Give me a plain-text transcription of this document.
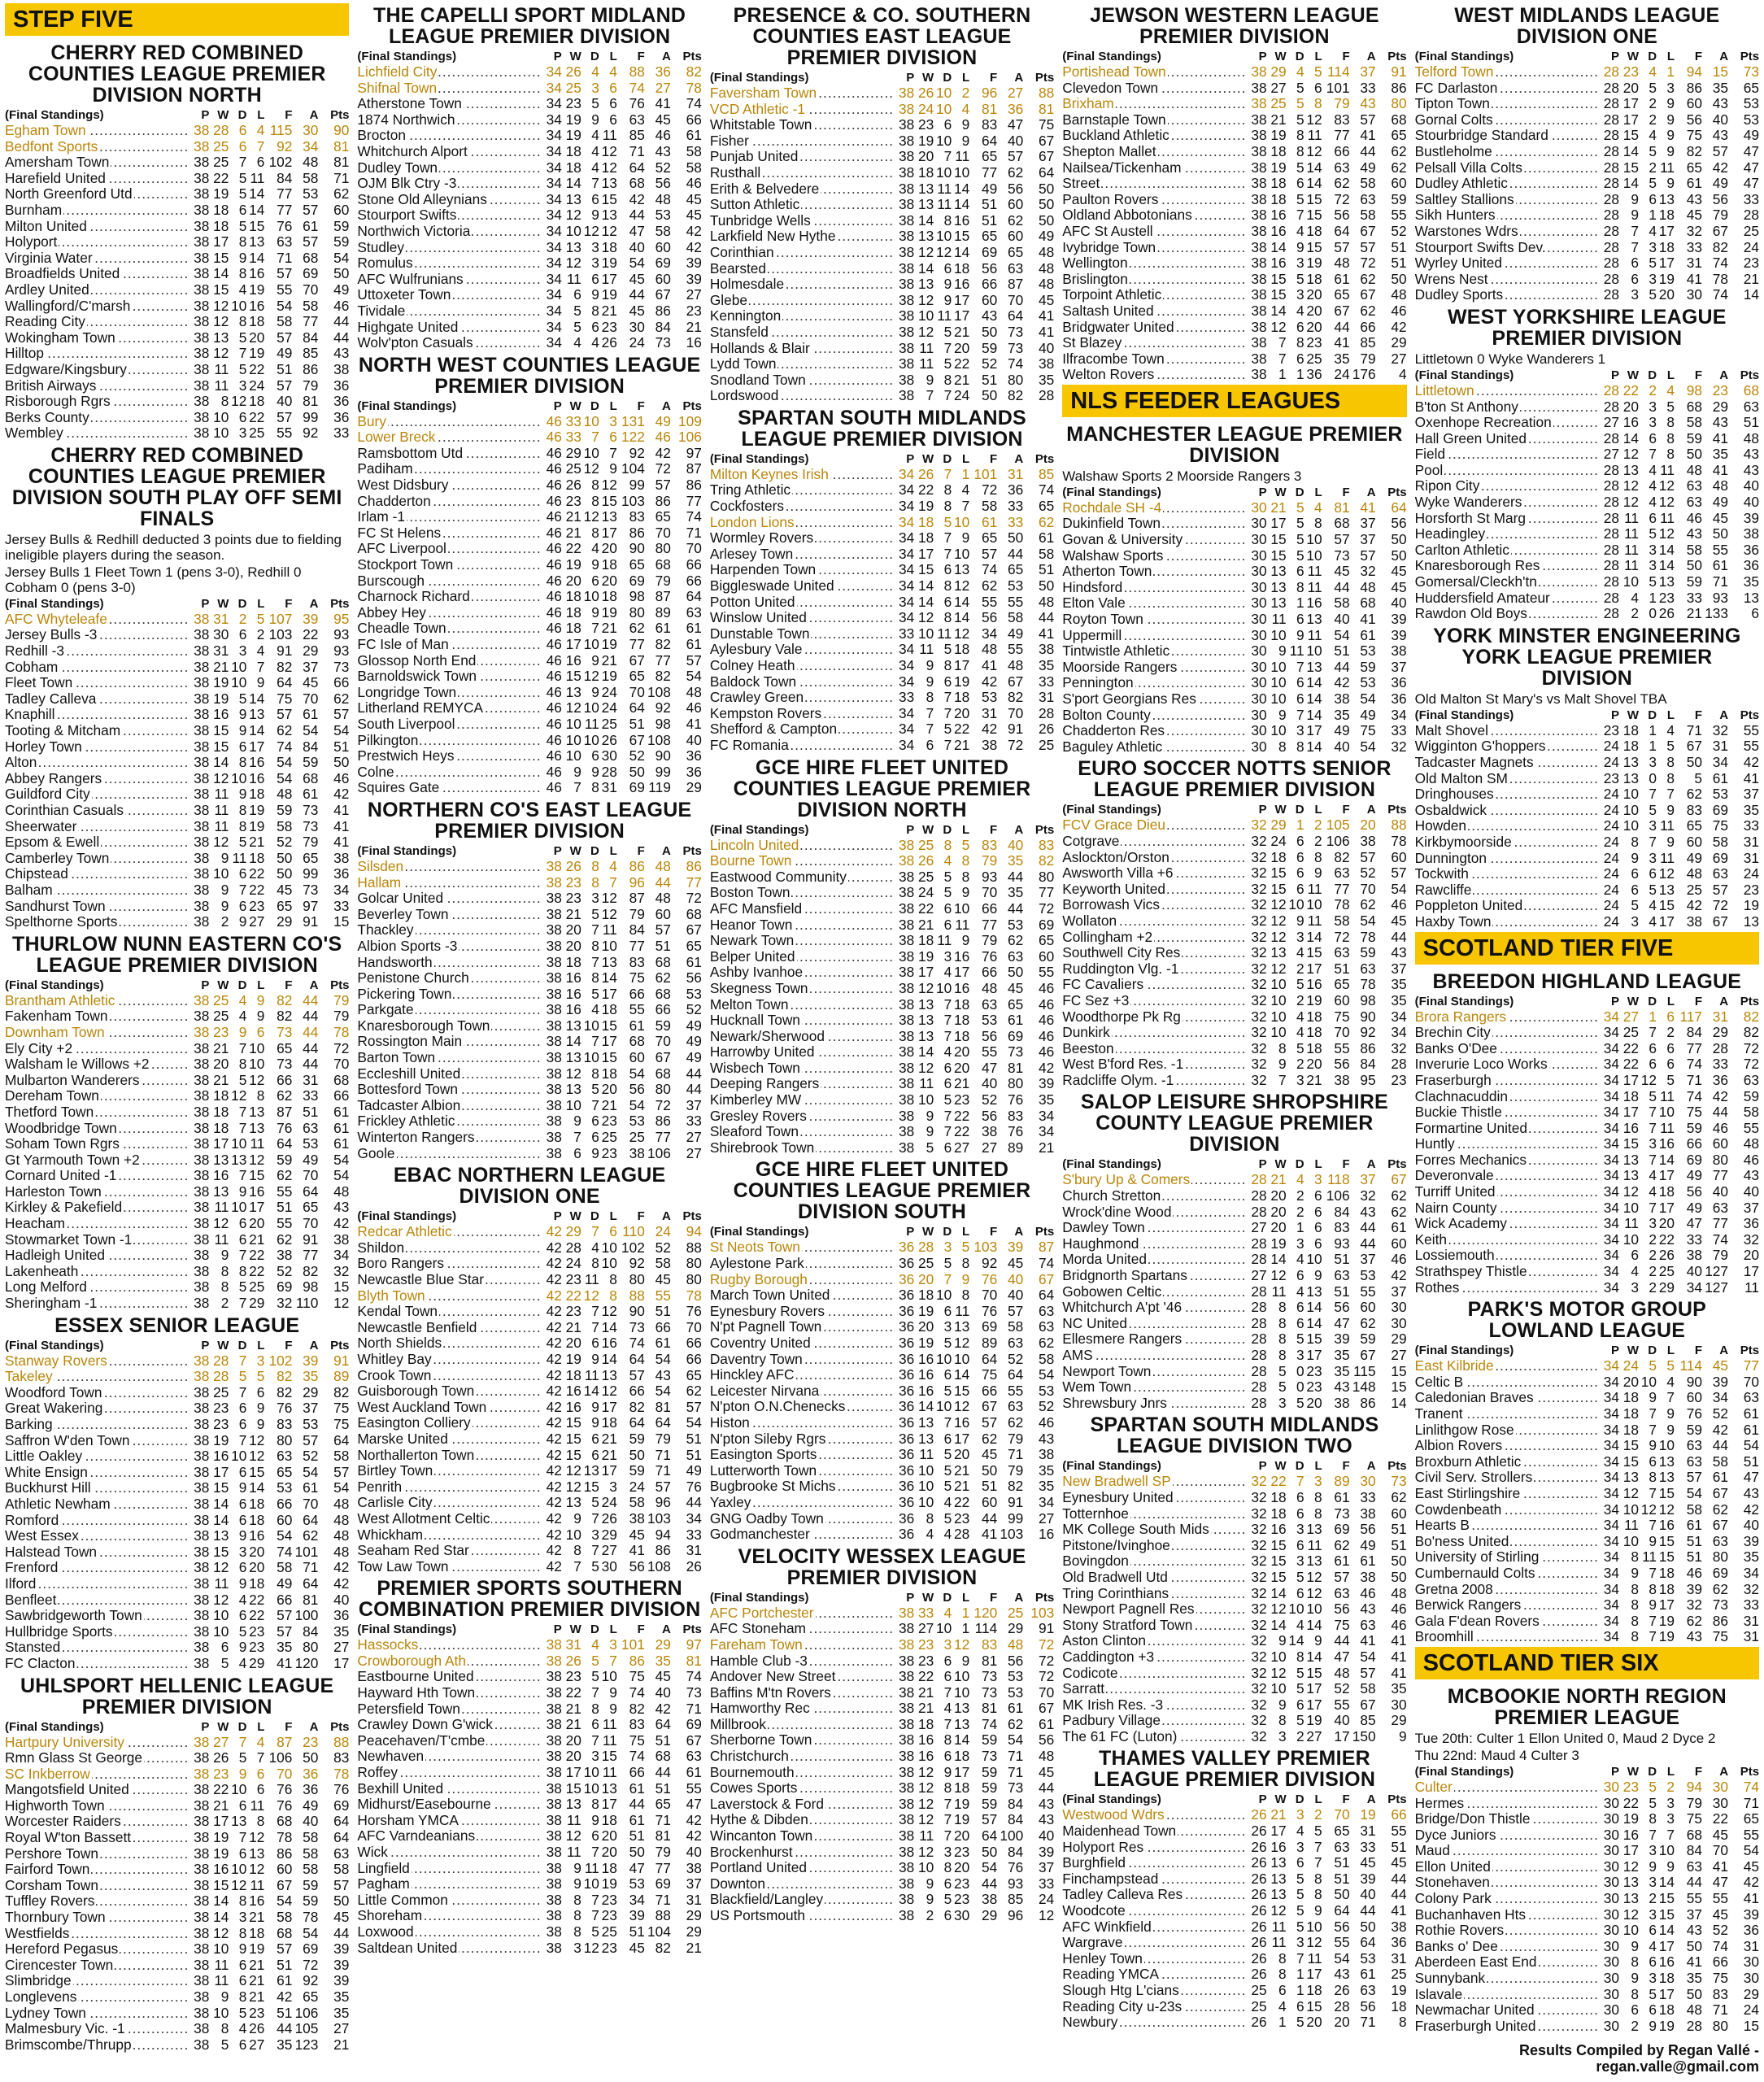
STEP FIVE
CHERRY RED COMBINED COUNTIES LEAGUE PREMIER DIVISION NORTH
(Final Standings)	P W D L	F	A Pts
Egham Town .....	38 28 6 4 115 30	90
Bedfont Sports .....	38 25 6 7 92 34	81
Amersham Town .....	38 25 7 6 102 48	81
Harefield United .....	38 22 5 11 84 58	71
North Greenford Utd .....	38 19 5 14 77 53	62
Burnham .....	38 18 6 14 77 57	60
Milton United .....	38 18 5 15 76 61	59
Holyport .....	38 17 8 13 63 57	59
Virginia Water .....	38 15 9 14 71 68	54
Broadfields United .....	38 14 8 16 57 69	50
Ardley United .....	38 15 4 19 55 70	49
Wallingford/C'marsh .....	38 12 10 16 54 58	46
Reading City .....	38 12 8 18 58 77	44
Wokingham Town .....	38 13 5 20 57 84	44
Hilltop .....	38 12 7 19 49 85	43
Edgware/Kingsbury .....	38 11 5 22 51 86	38
British Airways .....	38 11 3 24 57 79	36
Risborough Rgrs .....	38 8 12 18 40 81	36
Berks County .....	38 10 6 22 57 99	36
Wembley .....	38 10 3 25 55 92	33
CHERRY RED COMBINED COUNTIES LEAGUE PREMIER DIVISION SOUTH PLAY OFF SEMI FINALS
Jersey Bulls & Redhill deducted 3 points due to fielding ineligible players during the season.
Jersey Bulls 1 Fleet Town 1 (pens 3-0), Redhill 0 Cobham 0 (pens 3-0)
(Final Standings)	P W D L	F	A Pts
AFC Whyteleafe .....	38 31 2 5 107 39	95
Jersey Bulls -3 .....	38 30 6 2 103 22	93
Redhill -3 .....	38 31 3 4 91 29	93
Cobham .....	38 21 10 7 82 37	73
Fleet Town .....	38 19 10 9 64 45	66
Tadley Calleva .....	38 19 5 14 75 70	62
Knaphill .....	38 16 9 13 57 61	57
Tooting & Mitcham .....	38 15 9 14 62 54	54
Horley Town .....	38 15 6 17 74 84	51
Alton .....	38 14 8 16 54 59	50
Abbey Rangers .....	38 12 10 16 54 68	46
Guildford City .....	38 11 9 18 48 61	42
Corinthian Casuals .....	38 11 8 19 59 73	41
Sheerwater .....	38 11 8 19 58 73	41
Epsom & Ewell .....	38 12 5 21 52 79	41
Camberley Town .....	38 9 11 18 50 65	38
Chipstead .....	38 10 6 22 50 99	36
Balham .....	38 9 7 22 45 73	34
Sandhurst Town .....	38 9 6 23 65 97	33
Spelthorne Sports .....	38 2 9 27 29 91	15
THURLOW NUNN EASTERN CO'S LEAGUE PREMIER DIVISION
(Final Standings)	P W D L	F	A Pts
Brantham Athletic .....	38 25 4 9 82 44	79
Fakenham Town .....	38 25 4 9 82 44	79
Downham Town .....	38 23 9 6 73 44	78
Ely City +2 .....	38 21 7 10 65 44	72
Walsham le Willows +2 .....	38 20 8 10 73 44	70
Mulbarton Wanderers .....	38 21 5 12 66 31	68
Dereham Town .....	38 18 12 8 62 33	66
Thetford Town .....	38 18 7 13 87 51	61
Woodbridge Town .....	38 18 7 13 76 63	61
Soham Town Rgrs .....	38 17 10 11 64 53	61
Gt Yarmouth Town +2 .....	38 13 13 12 59 49	54
Cornard United -1 .....	38 16 7 15 62 70	54
Harleston Town .....	38 13 9 16 55 64	48
Kirkley & Pakefield .....	38 11 10 17 51 65	43
Heacham .....	38 12 6 20 55 70	42
Stowmarket Town -1 .....	38 11 6 21 62 91	38
Hadleigh United .....	38 9 7 22 38 77	34
Lakenheath .....	38 8 8 22 52 82	32
Long Melford .....	38 8 5 25 69 98	15
Sheringham -1 .....	38 2 7 29 32 110	12
ESSEX SENIOR LEAGUE
(Final Standings)	P W D L	F	A Pts
Stanway Rovers .....	38 28 7 3 102 39	91
Takeley .....	38 28 5 5 82 35	89
Woodford Town .....	38 25 7 6 82 29	82
Great Wakering .....	38 23 6 9 76 37	75
Barking .....	38 23 6 9 83 53	75
Saffron W'den Town .....	38 19 7 12 80 57	64
Little Oakley .....	38 16 10 12 63 52	58
White Ensign .....	38 17 6 15 65 54	57
Buckhurst Hill .....	38 15 9 14 53 61	54
Athletic Newham .....	38 14 6 18 66 70	48
Romford .....	38 14 6 18 60 64	48
West Essex .....	38 13 9 16 54 62	48
Halstead Town .....	38 15 3 20 74 101	48
Frenford .....	38 12 6 20 58 71	42
Ilford .....	38 11 9 18 49 64	42
Benfleet .....	38 12 4 22 66 81	40
Sawbridgeworth Town .....	38 10 6 22 57 100	36
Hullbridge Sports .....	38 10 5 23 57 84	35
Stansted .....	38 6 9 23 35 80	27
FC Clacton .....	38 5 4 29 41 120	17
UHLSPORT HELLENIC LEAGUE PREMIER DIVISION
(Final Standings)	P W D L	F	A Pts
Hartpury University .....	38 27 7 4 87 23	88
Rmn Glass St George .....	38 26 5 7 106 50	83
SC Inkberrow .....	38 23 9 6 70 36	78
Mangotsfield United .....	38 22 10 6 76 36	76
Highworth Town .....	38 21 6 11 76 49	69
Worcester Raiders .....	38 17 13 8 68 40	64
Royal W'ton Bassett .....	38 19 7 12 78 58	64
Pershore Town .....	38 19 6 13 86 58	63
Fairford Town .....	38 16 10 12 60 58	58
Corsham Town .....	38 15 12 11 67 59	57
Tuffley Rovers .....	38 14 8 16 54 59	50
Thornbury Town .....	38 14 3 21 58 78	45
Westfields .....	38 12 8 18 68 54	44
Hereford Pegasus .....	38 10 9 19 57 69	39
Cirencester Town .....	38 11 6 21 51 72	39
Slimbridge .....	38 11 6 21 61 92	39
Longlevens .....	38 9 8 21 42 65	35
Lydney Town .....	38 10 5 23 51 106	35
Malmesbury Vic. -1 .....	38 8 4 26 44 105	27
Brimscombe/Thrupp .....	38 5 6 27 35 123	21
THE CAPELLI SPORT MIDLAND LEAGUE PREMIER DIVISION
(Final Standings)	P W D L	F	A Pts
Lichfield City .....	34 26 4 4 88 36	82
Shifnal Town .....	34 25 3 6 74 27	78
Atherstone Town .....	34 23 5 6 76 41	74
1874 Northwich .....	34 19 9 6 63 45	66
Brocton .....	34 19 4 11 85 46	61
Whitchurch Alport .....	34 18 4 12 71 43	58
Dudley Town .....	34 18 4 12 64 52	58
OJM Blk Ctry -3 .....	34 14 7 13 68 56	46
Stone Old Alleynians .....	34 13 6 15 42 48	45
Stourport Swifts .....	34 12 9 13 44 53	45
Northwich Victoria .....	34 10 12 12 47 58	42
Studley .....	34 13 3 18 40 60	42
Romulus .....	34 12 3 19 54 69	39
AFC Wulfrunians .....	34 11 6 17 45 60	39
Uttoxeter Town .....	34 6 9 19 44 67	27
Tividale .....	34 5 8 21 45 86	23
Highgate United .....	34 5 6 23 30 84	21
Wolv'pton Casuals .....	34 4 4 26 24 73	16
NORTH WEST COUNTIES LEAGUE PREMIER DIVISION
(Final Standings)	P W D L	F	A Pts
Bury .....	46 33 10 3 131 49 109
Lower Breck .....	46 33 7 6 122 46 106
Ramsbottom Utd .....	46 29 10 7 92 42	97
Padiham .....	46 25 12 9 104 72	87
West Didsbury .....	46 26 8 12 99 57	86
Chadderton .....	46 23 8 15 103 86	77
Irlam -1 .....	46 21 12 13 83 65	74
FC St Helens .....	46 21 8 17 86 70	71
AFC Liverpool .....	46 22 4 20 90 80	70
Stockport Town .....	46 19 9 18 65 68	66
Burscough .....	46 20 6 20 69 79	66
Charnock Richard .....	46 18 10 18 98 87	64
Abbey Hey .....	46 18 9 19 80 89	63
Cheadle Town .....	46 18 7 21 62 61	61
FC Isle of Man .....	46 17 10 19 77 82	61
Glossop North End .....	46 16 9 21 67 77	57
Barnoldswick Town .....	46 15 12 19 65 82	54
Longridge Town .....	46 13 9 24 70 108	48
Litherland REMYCA .....	46 12 10 24 64 92	46
South Liverpool .....	46 10 11 25 51 98	41
Pilkington .....	46 10 10 26 67 108	40
Prestwich Heys .....	46 10 6 30 52 90	36
Colne .....	46 9 9 28 50 99	36
Squires Gate .....	46 7 8 31 69 119	29
NORTHERN CO'S EAST LEAGUE PREMIER DIVISION
(Final Standings)	P W D L	F	A Pts
Silsden .....	38 26 8 4 86 48	86
Hallam .....	38 23 8 7 96 44	77
Golcar United .....	38 23 3 12 87 48	72
Beverley Town .....	38 21 5 12 79 60	68
Thackley .....	38 20 7 11 84 57	67
Albion Sports -3 .....	38 20 8 10 77 51	65
Handsworth .....	38 18 7 13 83 68	61
Penistone Church .....	38 16 8 14 75 62	56
Pickering Town .....	38 16 5 17 66 68	53
Parkgate .....	38 16 4 18 55 66	52
Knaresborough Town .....	38 13 10 15 61 59	49
Rossington Main .....	38 14 7 17 68 70	49
Barton Town .....	38 13 10 15 60 67	49
Eccleshill United .....	38 12 8 18 54 68	44
Bottesford Town .....	38 13 5 20 56 80	44
Tadcaster Albion .....	38 10 7 21 54 72	37
Frickley Athletic .....	38 9 6 23 53 86	33
Winterton Rangers .....	38 7 6 25 25 77	27
Goole .....	38 6 9 23 38 106	27
EBAC NORTHERN LEAGUE DIVISION ONE
(Final Standings)	P W D L	F	A Pts
Redcar Athletic .....	42 29 7 6 110 24	94
Shildon .....	42 28 4 10 102 52	88
Boro Rangers .....	42 24 8 10 92 58	80
Newcastle Blue Star .....	42 23 11 8 80 45	80
Blyth Town .....	42 22 12 8 88 55	78
Kendal Town .....	42 23 7 12 90 51	76
Newcastle Benfield .....	42 21 7 14 73 66	70
North Shields .....	42 20 6 16 74 61	66
Whitley Bay .....	42 19 9 14 64 54	66
Crook Town .....	42 18 11 13 57 43	65
Guisborough Town .....	42 16 14 12 66 54	62
West Auckland Town .....	42 16 9 17 82 81	57
Easington Colliery .....	42 15 9 18 64 64	54
Marske United .....	42 15 6 21 59 79	51
Northallerton Town .....	42 15 6 21 50 71	51
Birtley Town .....	42 12 13 17 59 71	49
Penrith .....	42 12 15 3 24 57	76
Carlisle City .....	42 13 5 24 58 96	44
West Allotment Celtic .....	42 9 7 26 38 103	34
Whickham .....	42 10 3 29 45 94	33
Seaham Red Star .....	42 8 7 27 41 86	31
Tow Law Town .....	42 7 5 30 56 108	26
PREMIER SPORTS SOUTHERN COMBINATION PREMIER DIVISION
(Final Standings)	P W D L	F	A Pts
Hassocks .....	38 31 4 3 101 29	97
Crowborough Ath .....	38 26 5 7 86 35	81
Eastbourne United .....	38 23 5 10 75 45	74
Hayward Hth Town .....	38 22 7 9 74 40	73
Petersfield Town .....	38 21 8 9 82 42	71
Crawley Down G'wick .....	38 21 6 11 83 64	69
Peacehaven/T'cmbe .....	38 20 7 11 75 51	67
Newhaven .....	38 20 3 15 74 68	63
Roffey .....	38 17 10 11 66 44	61
Bexhill United .....	38 15 10 13 61 51	55
Midhurst/Easebourne .....	38 13 8 17 44 65	47
Horsham YMCA .....	38 11 9 18 61 71	42
AFC Varndeanians .....	38 12 6 20 51 81	42
Wick .....	38 11 7 20 50 79	40
Lingfield .....	38 9 11 18 47 77	38
Pagham .....	38 9 10 19 53 69	37
Little Common .....	38 8 7 23 34 71	31
Shoreham .....	38 8 7 23 39 88	29
Loxwood .....	38 8 5 25 51 104	29
Saltdean United .....	38 3 12 23 45 82	21
PRESENCE & CO. SOUTHERN COUNTIES EAST LEAGUE PREMIER DIVISION
(Final Standings)	P W D L	F	A Pts
Faversham Town .....	38 26 10 2 96 27	88
VCD Athletic -1 .....	38 24 10 4 81 36	81
Whitstable Town .....	38 23 6 9 83 47	75
Fisher .....	38 19 10 9 64 40	67
Punjab United .....	38 20 7 11 65 57	67
Rusthall .....	38 18 10 10 77 62	64
Erith & Belvedere .....	38 13 11 14 49 56	50
Sutton Athletic .....	38 13 11 14 51 60	50
Tunbridge Wells .....	38 14 8 16 51 62	50
Larkfield New Hythe .....	38 13 10 15 65 60	49
Corinthian .....	38 12 12 14 69 65	48
Bearsted .....	38 14 6 18 56 63	48
Holmesdale .....	38 13 9 16 66 87	48
Glebe .....	38 12 9 17 60 70	45
Kennington .....	38 10 11 17 43 64	41
Stansfeld .....	38 12 5 21 50 73	41
Hollands & Blair .....	38 11 7 20 59 73	40
Lydd Town .....	38 11 5 22 52 74	38
Snodland Town .....	38 9 8 21 51 80	35
Lordswood .....	38 7 7 24 50 82	28
SPARTAN SOUTH MIDLANDS LEAGUE PREMIER DIVISION
(Final Standings)	P W D L	F	A Pts
Milton Keynes Irish .....	34 26 7 1 101 31	85
Tring Athletic .....	34 22 8 4 72 36	74
Cockfosters .....	34 19 8 7 58 33	65
London Lions .....	34 18 5 10 61 33	62
Wormley Rovers .....	34 18 7 9 65 50	61
Arlesey Town .....	34 17 7 10 57 44	58
Harpenden Town .....	34 15 6 13 74 65	51
Biggleswade United .....	34 14 8 12 62 53	50
Potton United .....	34 14 6 14 55 55	48
Winslow United .....	34 12 8 14 56 58	44
Dunstable Town .....	33 10 11 12 34 49	41
Aylesbury Vale .....	34 11 5 18 48 55	38
Colney Heath .....	34 9 8 17 41 48	35
Baldock Town .....	34 9 6 19 42 67	33
Crawley Green .....	33 8 7 18 53 82	31
Kempston Rovers .....	34 7 7 20 31 70	28
Shefford & Campton .....	34 7 5 22 42 91	26
FC Romania .....	34 6 7 21 38 72	25
GCE HIRE FLEET UNITED COUNTIES LEAGUE PREMIER DIVISION NORTH
(Final Standings)	P W D L	F	A Pts
Lincoln United .....	38 25 8 5 83 40	83
Bourne Town .....	38 26 4 8 79 35	82
Eastwood Community .....	38 25 5 8 93 44	80
Boston Town .....	38 24 5 9 70 35	77
AFC Mansfield .....	38 22 6 10 66 44	72
Heanor Town .....	38 21 6 11 77 53	69
Newark Town .....	38 18 11 9 79 62	65
Belper United .....	38 19 3 16 76 63	60
Ashby Ivanhoe .....	38 17 4 17 66 50	55
Skegness Town .....	38 12 10 16 48 45	46
Melton Town .....	38 13 7 18 63 65	46
Hucknall Town .....	38 13 7 18 53 61	46
Newark/Sherwood .....	38 13 7 18 56 69	46
Harrowby United .....	38 14 4 20 55 73	46
Wisbech Town .....	38 12 6 20 47 81	42
Deeping Rangers .....	38 11 6 21 40 80	39
Kimberley MW .....	38 10 5 23 52 76	35
Gresley Rovers .....	38 9 7 22 56 83	34
Sleaford Town .....	38 9 7 22 38 76	34
Shirebrook Town .....	38 5 6 27 27 89	21
GCE HIRE FLEET UNITED COUNTIES LEAGUE PREMIER DIVISION SOUTH
(Final Standings)	P W D L	F	A Pts
St Neots Town .....	36 28 3 5 103 39	87
Aylestone Park .....	36 25 5 8 92 45	74
Rugby Borough .....	36 20 7 9 76 40	67
March Town United .....	36 18 10 8 70 40	64
Eynesbury Rovers .....	36 19 6 11 76 57	63
N'pt Pagnell Town .....	36 20 3 13 69 58	63
Coventry United .....	36 19 5 12 89 63	62
Daventry Town .....	36 16 10 10 64 52	58
Hinckley AFC .....	36 16 6 14 75 64	54
Leicester Nirvana .....	36 16 5 15 66 55	53
N'pton O.N.Chenecks .....	36 14 10 12 67 63	52
Histon .....	36 13 7 16 57 62	46
N'pton Sileby Rgrs .....	36 13 6 17 62 79	43
Easington Sports .....	36 11 5 20 45 71	38
Lutterworth Town .....	36 10 5 21 50 79	35
Bugbrooke St Michs .....	36 10 5 21 51 82	35
Yaxley .....	36 10 4 22 60 91	34
GNG Oadby Town .....	36 8 5 23 44 99	27
Godmanchester .....	36 4 4 28 41 103	16
VELOCITY WESSEX LEAGUE PREMIER DIVISION
(Final Standings)	P W D L	F	A Pts
AFC Portchester .....	38 33 4 1 120 25 103
AFC Stoneham .....	38 27 10 1 114 29	91
Fareham Town .....	38 23 3 12 83 48	72
Hamble Club -3 .....	38 23 6 9 81 56	72
Andover New Street .....	38 22 6 10 73 53	72
Baffins M'tn Rovers .....	38 21 7 10 73 53	70
Hamworthy Rec .....	38 21 4 13 81 61	67
Millbrook .....	38 18 7 13 74 62	61
Sherborne Town .....	38 16 8 14 59 54	56
Christchurch .....	38 16 6 18 73 71	48
Bournemouth .....	38 12 9 17 59 71	45
Cowes Sports .....	38 12 8 18 59 73	44
Laverstock & Ford .....	38 12 7 19 59 84	43
Hythe & Dibden .....	38 12 7 19 57 84	43
Wincanton Town .....	38 11 7 20 64 100	40
Brockenhurst .....	38 12 3 23 50 84	39
Portland United .....	38 10 8 20 54 76	37
Downton .....	38 9 6 23 44 93	33
Blackfield/Langley .....	38 9 5 23 38 85	24
US Portsmouth .....	38 2 6 30 29 96	12
JEWSON WESTERN LEAGUE PREMIER DIVISION
(Final Standings)	P W D L	F	A Pts
Portishead Town .....	38 29 4 5 114 37	91
Clevedon Town .....	38 27 5 6 101 33	86
Brixham .....	38 25 5 8 79 43	80
Barnstaple Town .....	38 21 5 12 83 57	68
Buckland Athletic .....	38 19 8 11 77 41	65
Shepton Mallet .....	38 18 8 12 66 44	62
Nailsea/Tickenham .....	38 19 5 14 63 49	62
Street .....	38 18 6 14 62 58	60
Paulton Rovers .....	38 18 5 15 72 63	59
Oldland Abbotonians .....	38 16 7 15 56 58	55
AFC St Austell .....	38 16 4 18 64 67	52
Ivybridge Town .....	38 14 9 15 57 57	51
Wellington .....	38 16 3 19 48 72	51
Brislington .....	38 15 5 18 61 62	50
Torpoint Athletic .....	38 15 3 20 65 67	48
Saltash United .....	38 14 4 20 67 62	46
Bridgwater United .....	38 12 6 20 44 66	42
St Blazey .....	38 7 8 23 41 85	29
Ilfracombe Town .....	38 7 6 25 35 79	27
Welton Rovers .....	38 1 1 36 24 176	4
NLS FEEDER LEAGUES
MANCHESTER LEAGUE PREMIER DIVISION
Walshaw Sports 2 Moorside Rangers 3
(Final Standings)	P W D L	F	A Pts
Rochdale SH -4 .....	30 21 5 4 81 41	64
Dukinfield Town .....	30 17 5 8 68 37	56
Govan & University .....	30 15 5 10 57 37	50
Walshaw Sports .....	30 15 5 10 73 57	50
Atherton Town .....	30 13 6 11 45 32	45
Hindsford .....	30 13 8 11 44 48	45
Elton Vale .....	30 13 1 16 58 68	40
Royton Town .....	30 11 6 13 40 41	39
Uppermill .....	30 10 9 11 54 61	39
Tintwistle Athletic .....	30 9 11 10 51 53	38
Moorside Rangers .....	30 10 7 13 44 59	37
Pennington .....	30 10 6 14 42 53	36
S'port Georgians Res .....	30 10 6 14 38 54	36
Bolton County .....	30 9 7 14 35 49	34
Chadderton Res .....	30 10 3 17 49 75	33
Baguley Athletic .....	30 8 8 14 40 54	32
EURO SOCCER NOTTS SENIOR LEAGUE PREMIER DIVISION
(Final Standings)	P W D L	F	A Pts
FCV Grace Dieu .....	32 29 1 2 105 20	88
Cotgrave .....	32 24 6 2 106 38	78
Aslockton/Orston .....	32 18 6 8 82 57	60
Awsworth Villa +6 .....	32 15 6 9 63 52	57
Keyworth United .....	32 15 6 11 77 70	54
Borrowash Vics .....	32 12 10 10 78 62	46
Wollaton .....	32 12 9 11 58 54	45
Collingham +2 .....	32 12 3 14 72 78	44
Southwell City Res .....	32 13 4 15 63 59	43
Ruddington Vlg. -1 .....	32 12 2 17 51 63	37
FC Cavaliers .....	32 10 5 16 65 78	35
FC Sez +3 .....	32 10 2 19 60 98	35
Woodthorpe Pk Rg .....	32 10 4 18 75 90	34
Dunkirk .....	32 10 4 18 70 92	34
Beeston .....	32 8 5 18 55 86	32
West B'ford Res. -1 .....	32 9 2 20 56 84	28
Radcliffe Olym. -1 .....	32 7 3 21 38 95	23
SALOP LEISURE SHROPSHIRE COUNTY LEAGUE PREMIER DIVISION
(Final Standings)	P W D L	F	A Pts
S'bury Up & Comers .....	28 21 4 3 118 37	67
Church Stretton .....	28 20 2 6 106 32	62
Wrock'dine Wood .....	28 20 2 6 84 43	62
Dawley Town .....	27 20 1 6 83 44	61
Haughmond .....	28 19 3 6 93 44	60
Morda United .....	28 14 4 10 51 37	46
Bridgnorth Spartans .....	27 12 6 9 63 53	42
Gobowen Celtic .....	28 11 4 13 51 55	37
Whitchurch A'pt '46 .....	28 8 6 14 56 60	30
NC United .....	28 8 6 14 47 62	30
Ellesmere Rangers .....	28 8 5 15 39 59	29
AMS .....	28 8 3 17 35 67	27
Newport Town .....	28 5 0 23 35 115	15
Wem Town .....	28 5 0 23 43 148	15
Shrewsbury Jnrs .....	28 3 5 20 38 86	14
SPARTAN SOUTH MIDLANDS LEAGUE DIVISION TWO
(Final Standings)	P W D L	F	A Pts
New Bradwell SP .....	32 22 7 3 89 30	73
Eynesbury United .....	32 18 6 8 61 33	62
Totternhoe .....	32 18 6 8 73 38	60
MK College South Mids .....	32 16 3 13 69 56	51
Pitstone/Ivinghoe .....	32 15 6 11 62 49	51
Bovingdon .....	32 15 3 13 61 61	50
Old Bradwell Utd .....	32 15 5 12 57 38	50
Tring Corinthians .....	32 14 6 12 63 46	48
Newport Pagnell Res .....	32 12 10 10 56 43	46
Stony Stratford Town .....	32 14 4 14 75 63	46
Aston Clinton .....	32 9 14 9 44 41	41
Caddington +3 .....	32 10 8 14 47 54	41
Codicote .....	32 12 5 15 48 57	41
Sarratt .....	32 10 5 17 52 58	35
MK Irish Res. -3 .....	32 9 6 17 55 67	30
Padbury Village .....	32 8 5 19 40 85	29
The 61 FC (Luton) .....	32 3 2 27 17 150	9
THAMES VALLEY PREMIER LEAGUE PREMIER DIVISION
(Final Standings)	P W D L	F	A Pts
Westwood Wdrs .....	26 21 3 2 70 19	66
Maidenhead Town .....	26 17 4 5 65 31	55
Holyport Res .....	26 16 3 7 63 33	51
Burghfield .....	26 13 6 7 51 45	45
Finchampstead .....	26 13 5 8 51 39	44
Tadley Calleva Res .....	26 13 5 8 50 40	44
Woodcote .....	26 12 5 9 64 44	41
AFC Winkfield .....	26 11 5 10 56 50	38
Wargrave .....	26 11 3 12 55 64	36
Henley Town .....	26 8 7 11 54 53	31
Reading YMCA .....	26 8 1 17 43 61	25
Slough Htg L'cians .....	25 6 1 18 26 63	19
Reading City u-23s .....	25 4 6 15 28 56	18
Newbury .....	26 1 5 20 20 71	8
WEST MIDLANDS LEAGUE DIVISION ONE
(Final Standings)	P W D L	F	A Pts
Telford Town .....	28 23 4 1 94 15	73
FC Darlaston .....	28 20 5 3 86 35	65
Tipton Town .....	28 17 2 9 60 43	53
Gornal Colts .....	28 17 2 9 56 40	53
Stourbridge Standard .....	28 15 4 9 75 43	49
Bustleholme .....	28 14 5 9 82 57	47
Pelsall Villa Colts .....	28 15 2 11 65 42	47
Dudley Athletic .....	28 14 5 9 61 49	47
Saltley Stallions .....	28 9 6 13 43 56	33
Sikh Hunters .....	28 9 1 18 45 79	28
Warstones Wdrs .....	28 7 4 17 32 67	25
Stourport Swifts Dev. .....	28 7 3 18 33 82	24
Wyrley United .....	28 6 5 17 31 74	23
Wrens Nest .....	28 6 3 19 41 78	21
Dudley Sports .....	28 3 5 20 30 74	14
WEST YORKSHIRE LEAGUE PREMIER DIVISION
Littletown 0 Wyke Wanderers 1
(Final Standings)	P W D L	F	A Pts
Littletown .....	28 22 2 4 98 23	68
B'ton St Anthony .....	28 20 3 5 68 29	63
Oxenhope Recreation .....	27 16 3 8 58 43	51
Hall Green United .....	28 14 6 8 59 41	48
Field .....	27 12 7 8 50 35	43
Pool .....	28 13 4 11 48 41	43
Ripon City .....	28 12 4 12 63 48	40
Wyke Wanderers .....	28 12 4 12 63 49	40
Horsforth St Marg .....	28 11 6 11 46 45	39
Headingley .....	28 11 5 12 43 50	38
Carlton Athletic .....	28 11 3 14 58 55	36
Knaresborough Res .....	28 11 3 14 50 61	36
Gomersal/Cleckh'tn .....	28 10 5 13 59 71	35
Huddersfield Amateur .....	28 4 1 23 33 93	13
Rawdon Old Boys .....	28 2 0 26 21 133	6
YORK MINSTER ENGINEERING YORK LEAGUE PREMIER DIVISION
Old Malton St Mary's vs Malt Shovel TBA
(Final Standings)	P W D L	F	A Pts
Malt Shovel .....	23 18 1 4 71 32	55
Wigginton G'hoppers .....	24 18 1 5 67 31	55
Tadcaster Magnets .....	24 13 3 8 50 34	42
Old Malton SM .....	23 13 0 8	5 61	41
Dringhouses .....	24 10 7 7 62 53	37
Osbaldwick .....	24 10 5 9 83 69	35
Howden .....	24 10 3 11 65 75	33
Kirkbymoorside .....	24 8 7 9 60 58	31
Dunnington .....	24 9 3 11 49 69	31
Tockwith .....	24 6 6 12 48 63	24
Rawcliffe .....	24 6 5 13 25 57	23
Poppleton United .....	24 5 4 15 42 72	19
Haxby Town .....	24 3 4 17 38 67	13
SCOTLAND TIER FIVE
BREEDON HIGHLAND LEAGUE
(Final Standings)	P W D L	F	A Pts
Brora Rangers .....	34 27 1 6 117 31	82
Brechin City .....	34 25 7 2 84 29	82
Banks O'Dee .....	34 22 6 6 77 28	72
Inverurie Loco Works .....	34 22 6 6 74 33	72
Fraserburgh .....	34 17 12 5 71 36	63
Clachnacuddin .....	34 18 5 11 74 42	59
Buckie Thistle .....	34 17 7 10 75 44	58
Formartine United .....	34 16 7 11 59 46	55
Huntly .....	34 15 3 16 66 60	48
Forres Mechanics .....	34 13 7 14 69 80	46
Deveronvale .....	34 13 4 17 49 77	43
Turriff United .....	34 12 4 18 56 40	40
Nairn County .....	34 10 7 17 49 63	37
Wick Academy .....	34 11 3 20 47 77	36
Keith .....	34 10 2 22 33 74	32
Lossiemouth .....	34 6 2 26 38 79	20
Strathspey Thistle .....	34 4 2 25 40 127	17
Rothes .....	34 3 2 29 34 127	11
PARK'S MOTOR GROUP LOWLAND LEAGUE
(Final Standings)	P W D L	F	A Pts
East Kilbride .....	34 24 5 5 114 45	77
Celtic B .....	34 20 10 4 90 39	70
Caledonian Braves .....	34 18 9 7 60 34	63
Tranent .....	34 18 7 9 76 52	61
Linlithgow Rose .....	34 18 7 9 59 42	61
Albion Rovers .....	34 15 9 10 63 44	54
Broxburn Athletic .....	34 15 6 13 63 58	51
Civil Serv. Strollers .....	34 13 8 13 57 61	47
East Stirlingshire .....	34 12 7 15 54 67	43
Cowdenbeath .....	34 10 12 12 58 62	42
Hearts B .....	34 11 7 16 61 67	40
Bo'ness United .....	34 10 9 15 51 63	39
University of Stirling .....	34 8 11 15 51 80	35
Cumbernauld Colts .....	34 9 7 18 46 69	34
Gretna 2008 .....	34 8 8 18 39 62	32
Berwick Rangers .....	34 8 9 17 32 73	33
Gala F'dean Rovers .....	34 8 7 19 62 86	31
Broomhill .....	34 8 7 19 43 75	31
SCOTLAND TIER SIX
MCBOOKIE NORTH REGION PREMIER LEAGUE
Tue 20th: Culter 1 Ellon United 0, Maud 2 Dyce 2
Thu 22nd: Maud 4 Culter 3
(Final Standings)	P W D L	F	A Pts
Culter .....	30 23 5 2 94 30	74
Hermes .....	30 22 5 3 79 30	71
Bridge/Don Thistle .....	30 19 8 3 75 22	65
Dyce Juniors .....	30 16 7 7 68 45	55
Maud .....	30 17 3 10 84 70	54
Ellon United .....	30 12 9 9 63 41	45
Stonehaven .....	30 13 3 14 44 47	42
Colony Park .....	30 13 2 15 55 55	41
Buchanhaven Hts .....	30 12 3 15 37 45	39
Rothie Rovers .....	30 10 6 14 43 52	36
Banks o' Dee .....	30 9 4 17 50 74	31
Aberdeen East End .....	30 8 6 16 41 66	30
Sunnybank .....	30 9 3 18 35 75	30
Islavale .....	30 8 5 17 50 83	29
Newmachar United .....	30 6 6 18 48 71	24
Fraserburgh United .....	30 2 9 19 28 80	15
Results Compiled by Regan Vallé - regan.valle@gmail.com
